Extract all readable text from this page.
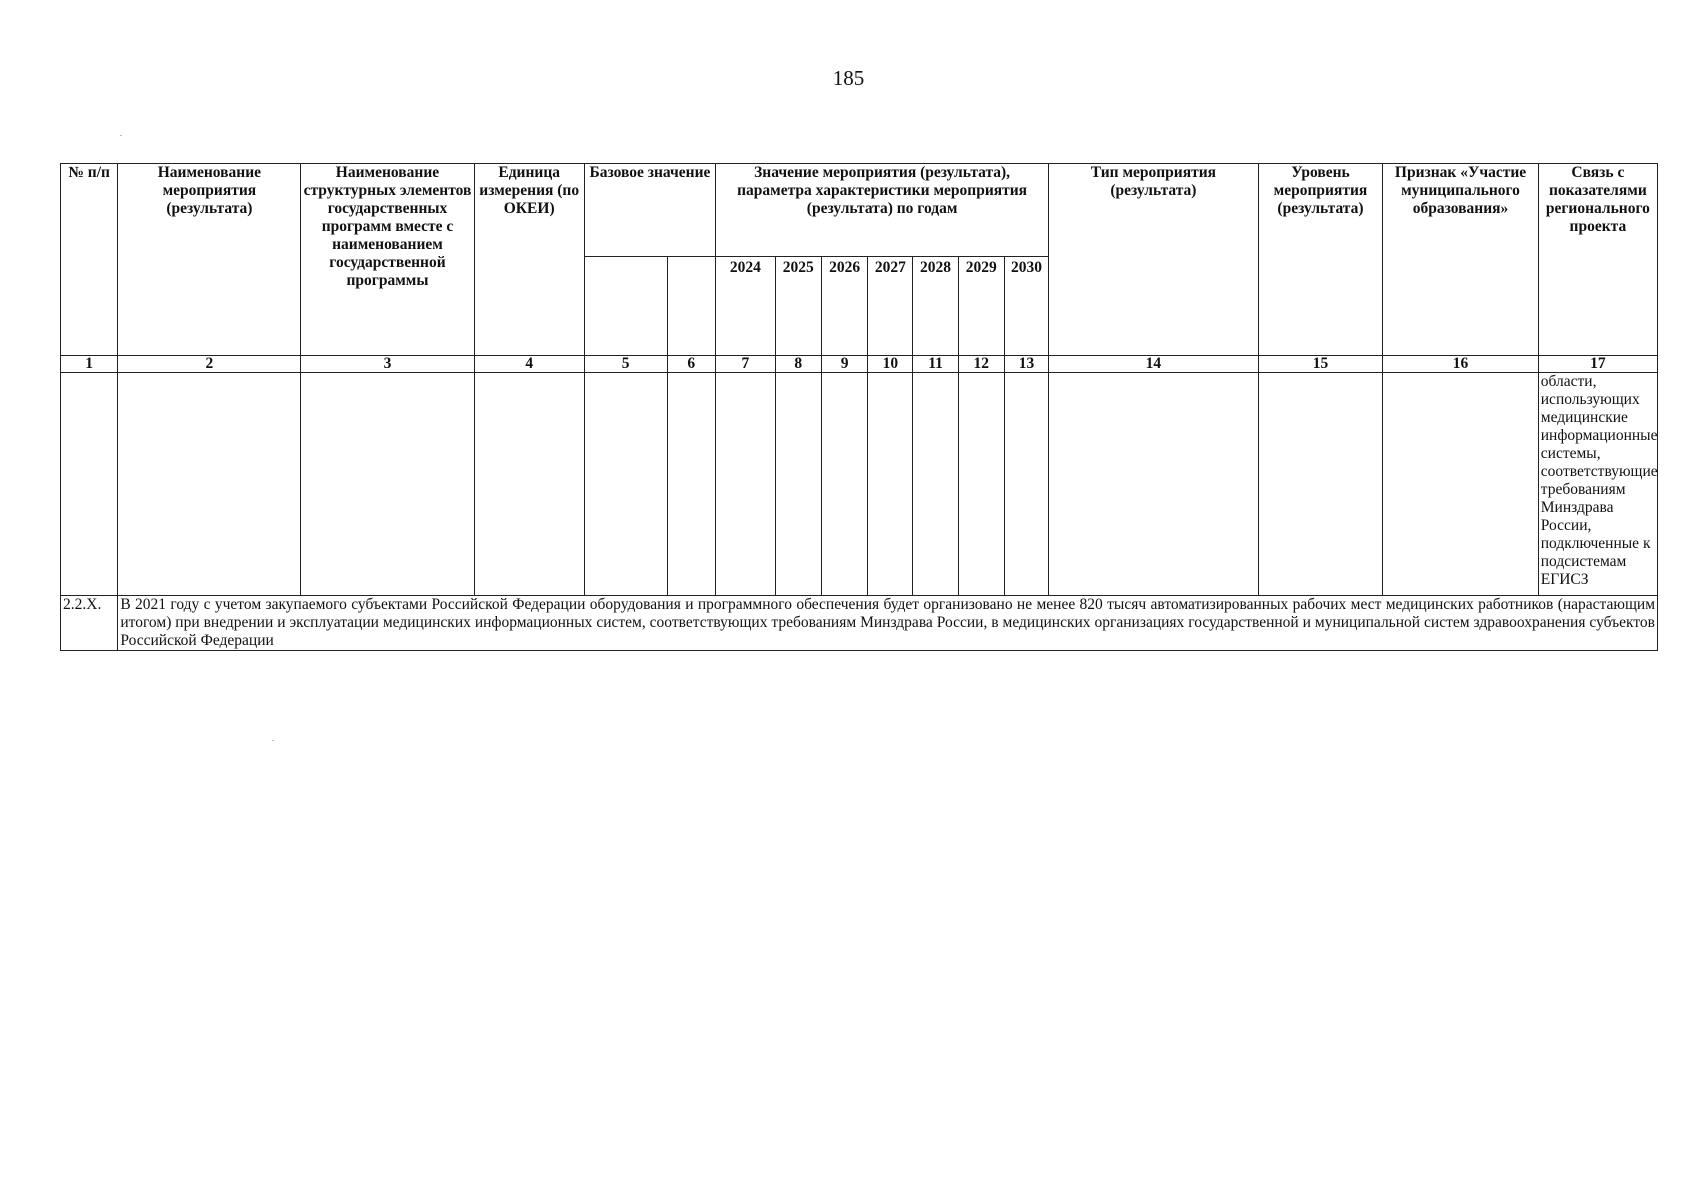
185
№ п/п	Наименование мероприятия (результата)	Наименование структурных элементов государственных программ вместе с наименованием государственной программы	Единица измерения (по ОКЕИ)	Базовое значение		Значение мероприятия (результата), параметра характеристики мероприятия (результата) по годам							Тип мероприятия (результата)	Уровень мероприятия (результата)	Признак «Участие муниципального образования»	Связь с показателями регионального проекта

						2024	2025	2026	2027	2028	2029	2030				
1	2	3	4	5	6	7	8	9	10	11	12	13	14	15	16	17
																области, использующих медицинские информационные системы, соответствующие требованиям Минздрава России, подключенные к подсистемам ЕГИСЗ
2.2.X.	В 2021 году с учетом закупаемого субъектами Российской Федерации оборудования и программного обеспечения будет организовано не менее 820 тысяч автоматизированных рабочих мест медицинских работников (нарастающим итогом) при внедрении и эксплуатации медицинских информационных систем, соответствующих требованиям Минздрава России, в медицинских организациях государственной и муниципальной систем здравоохранения субъектов Российской Федерации															
